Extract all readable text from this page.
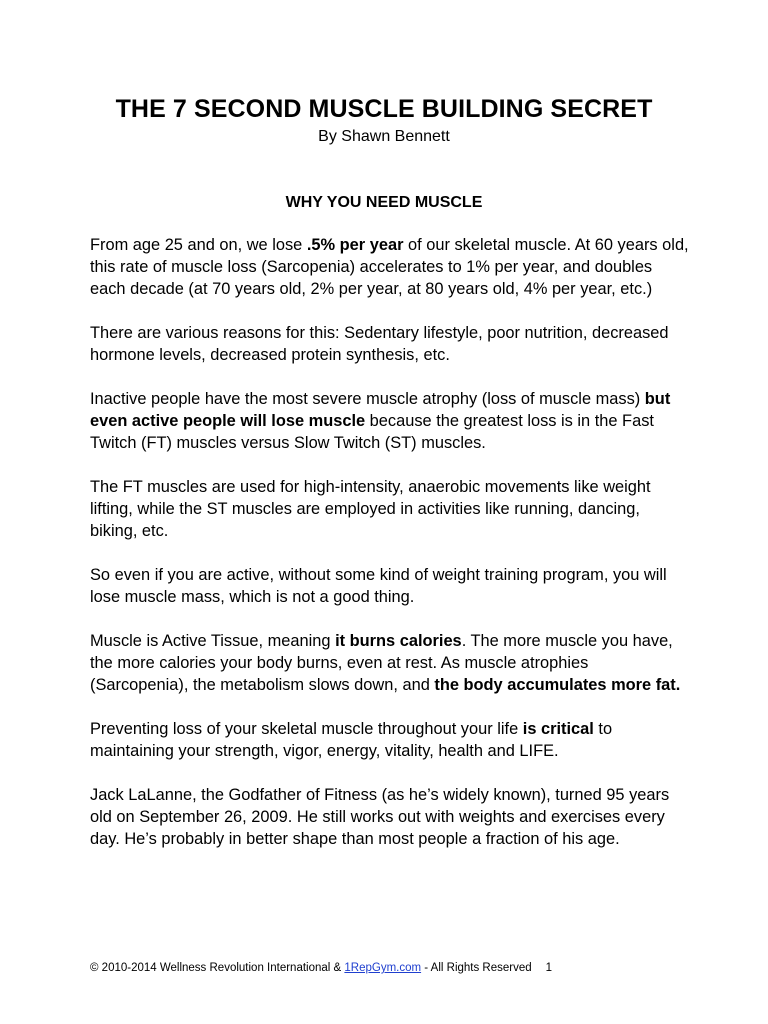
THE 7 SECOND MUSCLE BUILDING SECRET
By Shawn Bennett
WHY YOU NEED MUSCLE

From age 25 and on, we lose .5% per year of our skeletal muscle. At 60 years old, this rate of muscle loss (Sarcopenia) accelerates to 1% per year, and doubles each decade (at 70 years old, 2% per year, at 80 years old, 4% per year, etc.)

There are various reasons for this: Sedentary lifestyle, poor nutrition, decreased hormone levels, decreased protein synthesis, etc.

Inactive people have the most severe muscle atrophy (loss of muscle mass) but even active people will lose muscle because the greatest loss is in the Fast Twitch (FT) muscles versus Slow Twitch (ST) muscles.

The FT muscles are used for high-intensity, anaerobic movements like weight lifting, while the ST muscles are employed in activities like running, dancing, biking, etc.

So even if you are active, without some kind of weight training program, you will lose muscle mass, which is not a good thing.

Muscle is Active Tissue, meaning it burns calories. The more muscle you have, the more calories your body burns, even at rest. As muscle atrophies (Sarcopenia), the metabolism slows down, and the body accumulates more fat.

Preventing loss of your skeletal muscle throughout your life is critical to maintaining your strength, vigor, energy, vitality, health and LIFE.

Jack LaLanne, the Godfather of Fitness (as he’s widely known), turned 95 years old on September 26, 2009. He still works out with weights and exercises every day. He’s probably in better shape than most people a fraction of his age.

© 2010-2014 Wellness Revolution International & 1RepGym.com - All Rights Reserved 1
